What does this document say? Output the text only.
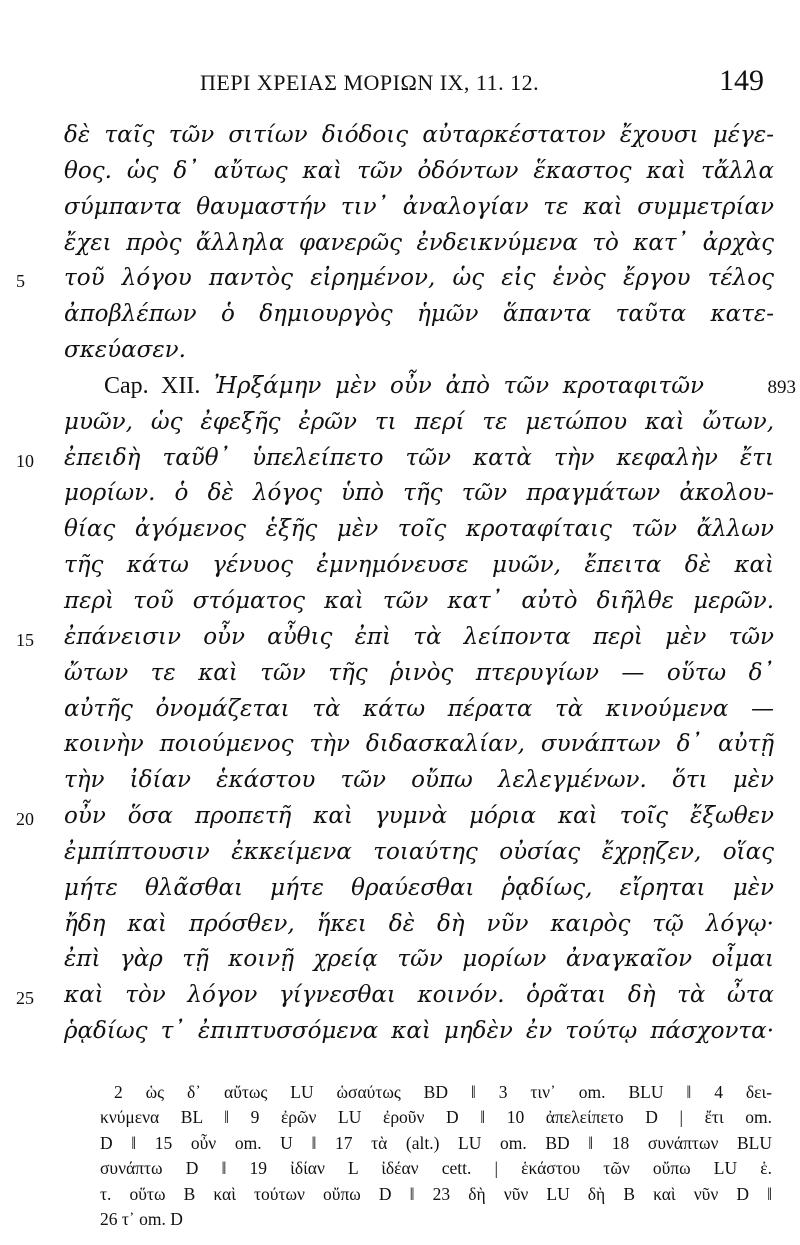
ΠΕΡΙ ΧΡΕΙΑΣ ΜΟΡΙΩΝ IX, 11. 12.	149
δὲ ταῖς τῶν σιτίων διόδοις αὐταρκέστατον ἔχουσι μέγε-
θος. ὡς δ᾽ αὔτως καὶ τῶν ὀδόντων ἕκαστος καὶ τἄλλα
σύμπαντα θαυμαστήν τιν᾽ ἀναλογίαν τε καὶ συμμετρίαν
ἔχει πρὸς ἄλληλα φανερῶς ἐνδεικνύμενα τὸ κατ᾽ ἀρχὰς
5	τοῦ λόγου παντὸς εἰρημένον, ὡς εἰς ἑνὸς ἔργου τέλος
ἀποβλέπων ὁ δημιουργὸς ἡμῶν ἅπαντα ταῦτα κατε-
σκεύασεν.
Cap. XII. Ἠρξάμην μὲν οὖν ἀπὸ τῶν κροταφιτῶν	893
μυῶν, ὡς ἐφεξῆς ἐρῶν τι περί τε μετώπου καὶ ὤτων,
10	ἐπειδὴ ταῦθ᾽ ὑπελείπετο τῶν κατὰ τὴν κεφαλὴν ἔτι
μορίων. ὁ δὲ λόγος ὑπὸ τῆς τῶν πραγμάτων ἀκολου-
θίας ἀγόμενος ἑξῆς μὲν τοῖς κροταφίταις τῶν ἄλλων
τῆς κάτω γένυος ἐμνημόνευσε μυῶν, ἔπειτα δὲ καὶ
περὶ τοῦ στόματος καὶ τῶν κατ᾽ αὐτὸ διῆλθε μερῶν.
15	ἐπάνεισιν οὖν αὖθις ἐπὶ τὰ λείποντα περὶ μὲν τῶν
ὤτων τε καὶ τῶν τῆς ῥινὸς πτερυγίων — οὕτω δ᾽
αὐτῆς ὀνομάζεται τὰ κάτω πέρατα τὰ κινούμενα —
κοινὴν ποιούμενος τὴν διδασκαλίαν, συνάπτων δ᾽ αὐτῇ
τὴν ἰδίαν ἑκάστου τῶν οὔπω λελεγμένων. ὅτι μὲν
20	οὖν ὅσα προπετῆ καὶ γυμνὰ μόρια καὶ τοῖς ἔξωθεν
ἐμπίπτουσιν ἐκκείμενα τοιαύτης οὐσίας ἔχρῃζεν, οἵας
μήτε θλᾶσθαι μήτε θραύεσθαι ῥᾳδίως, εἴρηται μὲν
ἤδη καὶ πρόσθεν, ἥκει δὲ δὴ νῦν καιρὸς τῷ λόγῳ·
ἐπὶ γὰρ τῇ κοινῇ χρείᾳ τῶν μορίων ἀναγκαῖον οἶμαι
25	καὶ τὸν λόγον γίγνεσθαι κοινόν. ὁρᾶται δὴ τὰ ὦτα
ῥᾳδίως τ᾽ ἐπιπτυσσόμενα καὶ μηδὲν ἐν τούτῳ πάσχοντα·
2 ὡς δ᾽ αὔτως LU ὡσαύτως BD ‖ 3 τιν᾽ om. BLU ‖ 4 δει-
κνύμενα BL ‖ 9 ἐρῶν LU ἐροῦν D ‖ 10 ἀπελείπετο D | ἔτι om.
D ‖ 15 οὖν om. U ‖ 17 τὰ (alt.) LU om. BD ‖ 18 συνάπτων BLU
συνάπτω D ‖ 19 ἰδίαν L ἰδέαν cett. | ἑκάστου τῶν οὔπω LU ἑ.
τ. οὕτω B καὶ τούτων οὔπω D ‖ 23 δὴ νῦν LU δὴ B καὶ νῦν D ‖
26 τ᾽ om. D
